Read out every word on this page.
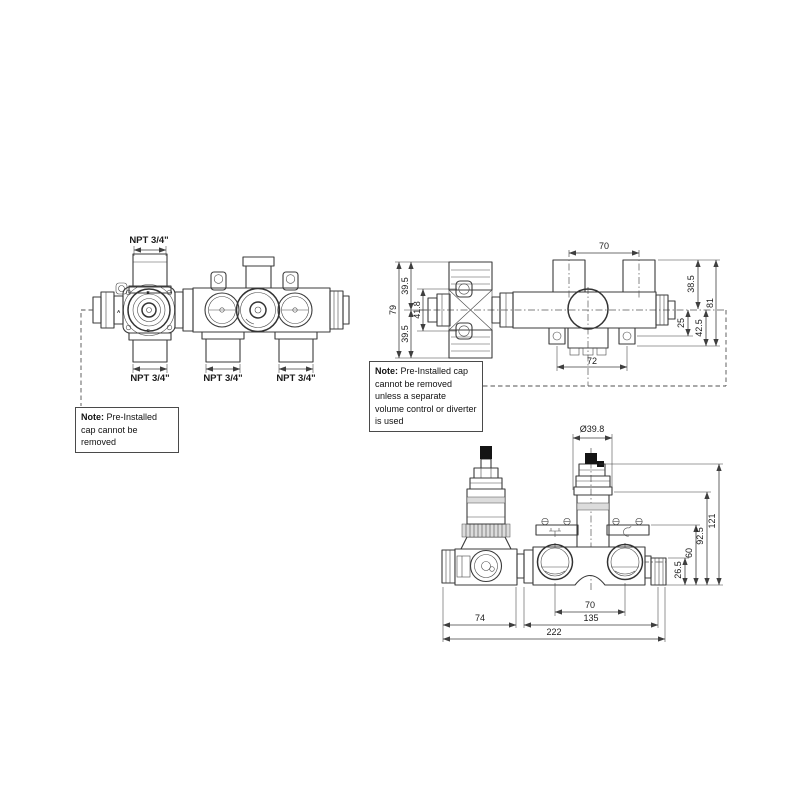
B
A
C
NPT 3/4"
NPT 3/4"	NPT 3/4"	NPT 3/4"
70
79
39.5
39.5
41.8
38.5
25 42.5
81
72
Ø39.8
26.5
60
92.5
121
70
74	135
222
Note: Pre-Installed cap cannot be removed
Note: Pre-Installed cap cannot be removed unless a separate volume control or diverter is used
